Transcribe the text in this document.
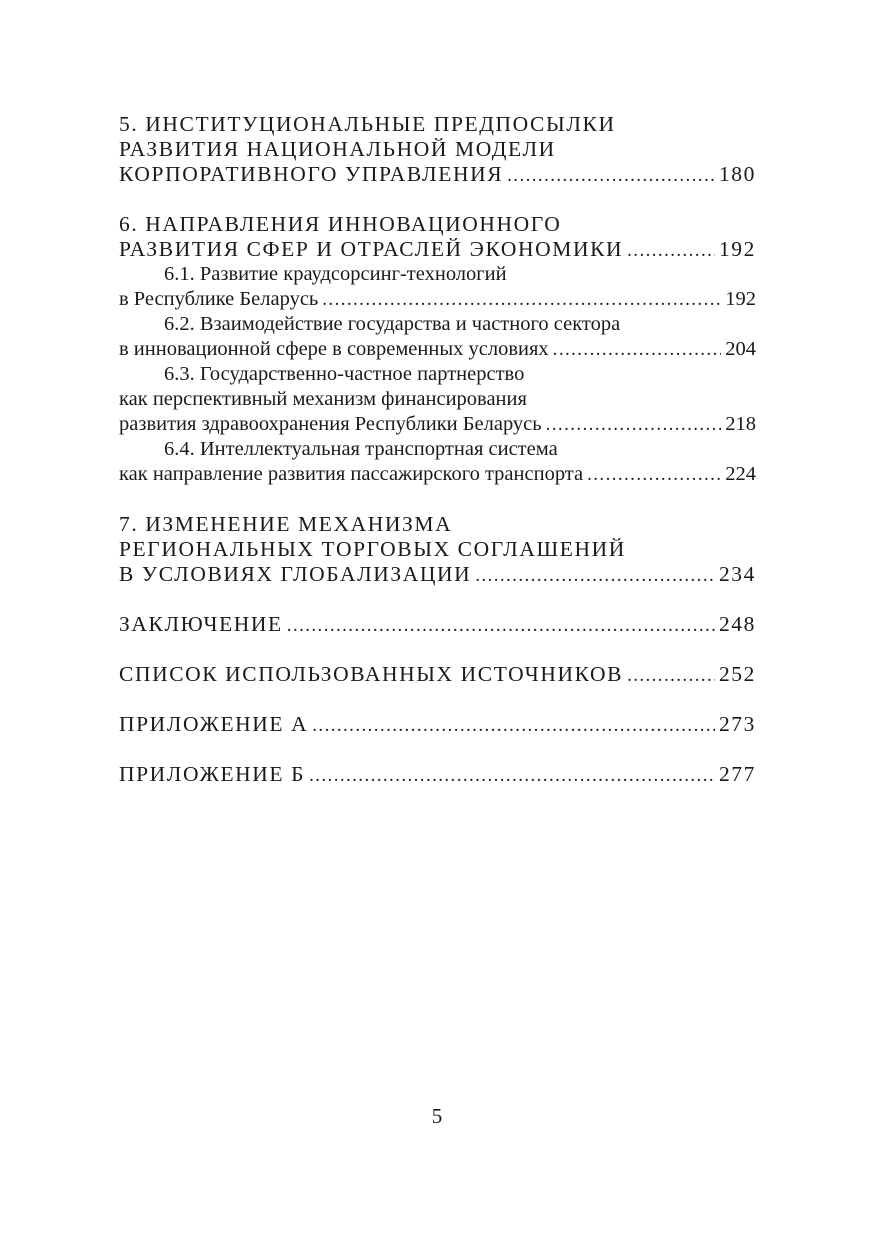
5. ИНСТИТУЦИОНАЛЬНЫЕ ПРЕДПОСЫЛКИ
РАЗВИТИЯ НАЦИОНАЛЬНОЙ МОДЕЛИ
КОРПОРАТИВНОГО УПРАВЛЕНИЯ .....	180
6. НАПРАВЛЕНИЯ ИННОВАЦИОННОГО
РАЗВИТИЯ СФЕР И ОТРАСЛЕЙ ЭКОНОМИКИ .....	192
6.1. Развитие краудсорсинг-технологий
в Республике Беларусь .....	192
6.2. Взаимодействие государства и частного сектора
в инновационной сфере в современных условиях .....	204
6.3. Государственно-частное партнерство
как перспективный механизм финансирования
развития здравоохранения Республики Беларусь .....	218
6.4. Интеллектуальная транспортная система
как направление развития пассажирского транспорта .....	224
7. ИЗМЕНЕНИЕ МЕХАНИЗМА
РЕГИОНАЛЬНЫХ ТОРГОВЫХ СОГЛАШЕНИЙ
В УСЛОВИЯХ ГЛОБАЛИЗАЦИИ .....	234
ЗАКЛЮЧЕНИЕ .....	248
СПИСОК ИСПОЛЬЗОВАННЫХ ИСТОЧНИКОВ .....	252
ПРИЛОЖЕНИЕ А .....	273
ПРИЛОЖЕНИЕ Б .....	277
5
